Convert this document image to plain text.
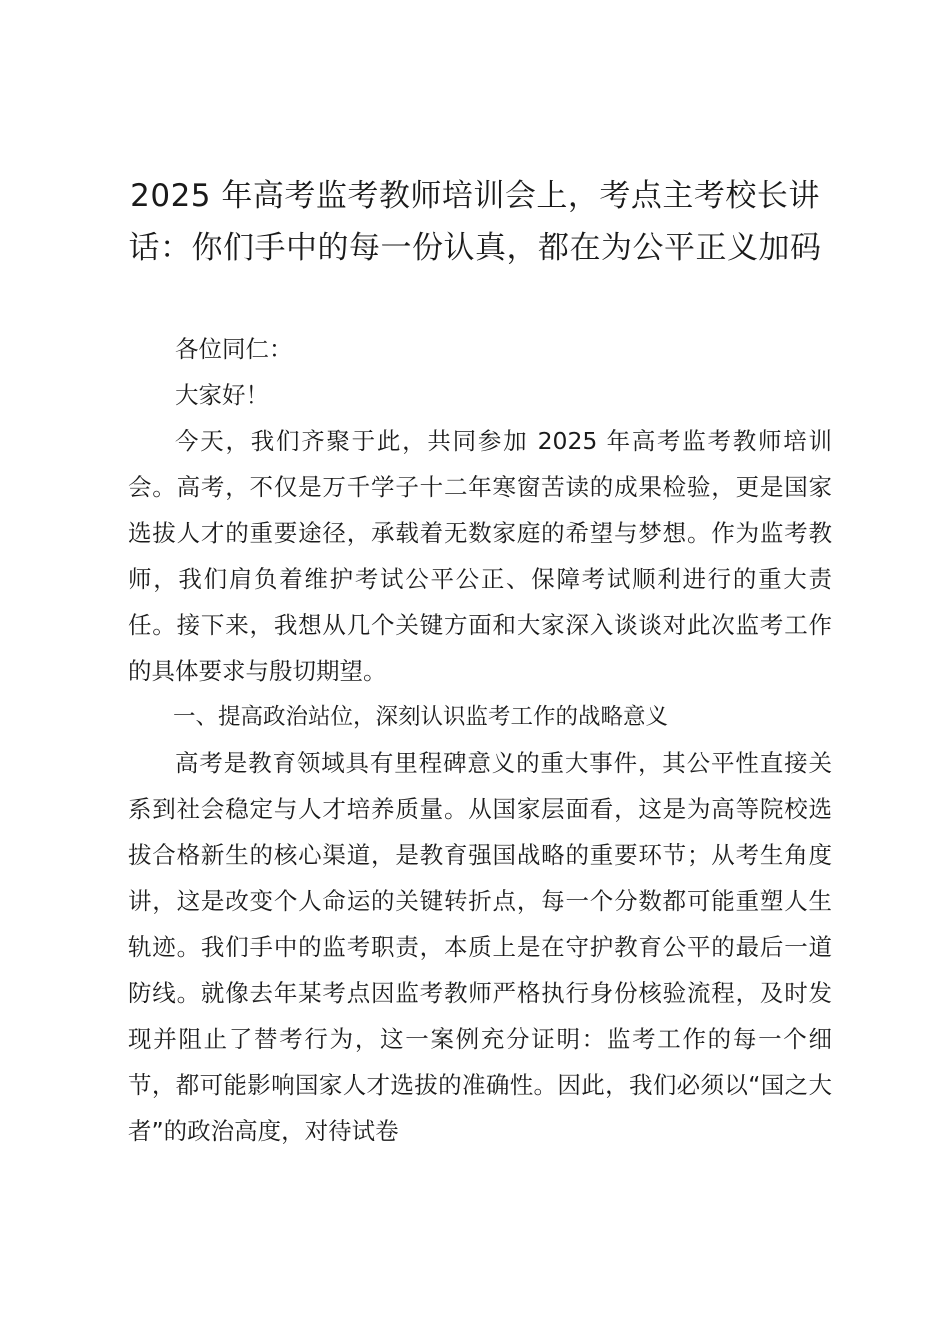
2025 年高考监考教师培训会上，考点主考校长讲话：你们手中的每一份认真，都在为公平正义加码

各位同仁：

大家好！

今天，我们齐聚于此，共同参加 2025 年高考监考教师培训会。高考，不仅是万千学子十二年寒窗苦读的成果检验，更是国家选拔人才的重要途径，承载着无数家庭的希望与梦想。作为监考教师，我们肩负着维护考试公平公正、保障考试顺利进行的重大责任。接下来，我想从几个关键方面和大家深入谈谈对此次监考工作的具体要求与殷切期望。

一、提高政治站位，深刻认识监考工作的战略意义

高考是教育领域具有里程碑意义的重大事件，其公平性直接关系到社会稳定与人才培养质量。从国家层面看，这是为高等院校选拔合格新生的核心渠道，是教育强国战略的重要环节；从考生角度讲，这是改变个人命运的关键转折点，每一个分数都可能重塑人生轨迹。我们手中的监考职责，本质上是在守护教育公平的最后一道防线。就像去年某考点因监考教师严格执行身份核验流程，及时发现并阻止了替考行为，这一案例充分证明：监考工作的每一个细节，都可能影响国家人才选拔的准确性。因此，我们必须以“国之大者”的政治高度，对待试卷
